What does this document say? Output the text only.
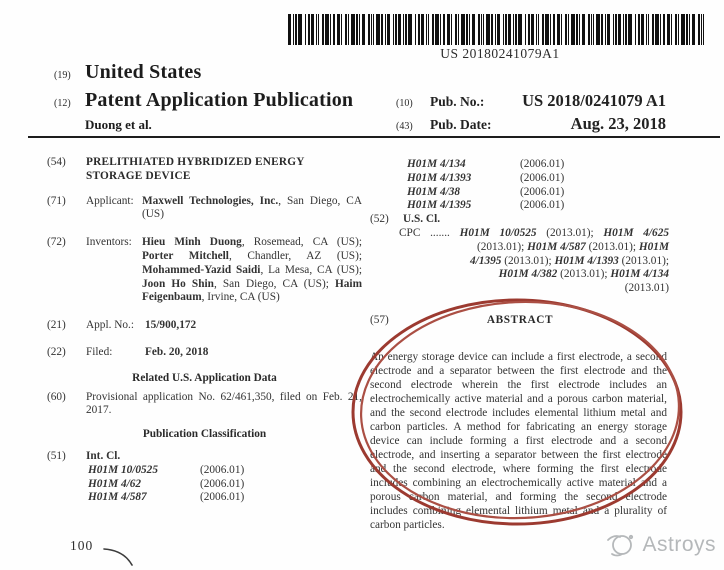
US 20180241079A1
(19) United States
(12) Patent Application Publication
Duong et al.
(10)	Pub. No.:	US 2018/0241079 A1
(43)	Pub. Date:	Aug. 23, 2018
(54)	PRELITHIATED HYBRIDIZED ENERGY
STORAGE DEVICE
(71)	Applicant: Maxwell Technologies, Inc., San Diego, CA (US)
(72)	Inventors: Hieu Minh Duong, Rosemead, CA (US); Porter Mitchell, Chandler, AZ (US); Mohammed-Yazid Saidi, La Mesa, CA (US); Joon Ho Shin, San Diego, CA (US); Haim Feigenbaum, Irvine, CA (US)
(21)	Appl. No.: 15/900,172
(22)	Filed:	Feb. 20, 2018
Related U.S. Application Data
(60)	Provisional application No. 62/461,350, filed on Feb. 21, 2017.
Publication Classification
(51)	Int. Cl.
H01M 10/0525	(2006.01)
H01M 4/62	(2006.01)
H01M 4/587	(2006.01)
H01M 4/134	(2006.01)
H01M 4/1393	(2006.01)
H01M 4/38	(2006.01)
H01M 4/1395	(2006.01)
(52)	U.S. Cl.
CPC ....... H01M 10/0525 (2013.01); H01M 4/625
(2013.01); H01M 4/587 (2013.01); H01M
4/1395 (2013.01); H01M 4/1393 (2013.01);
H01M 4/382 (2013.01); H01M 4/134
(2013.01)
(57)	ABSTRACT
An energy storage device can include a first electrode, a second electrode and a separator between the first electrode and the second electrode wherein the first electrode includes an electrochemically active material and a porous carbon material, and the second electrode includes elemental lithium metal and carbon particles. A method for fabricating an energy storage device can include forming a first electrode and a second electrode, and inserting a separator between the first electrode and the second electrode, where forming the first electrode includes combining an electrochemically active material and a porous carbon material, and forming the second electrode includes combining elemental lithium metal and a plurality of carbon particles.
100	Astroys
